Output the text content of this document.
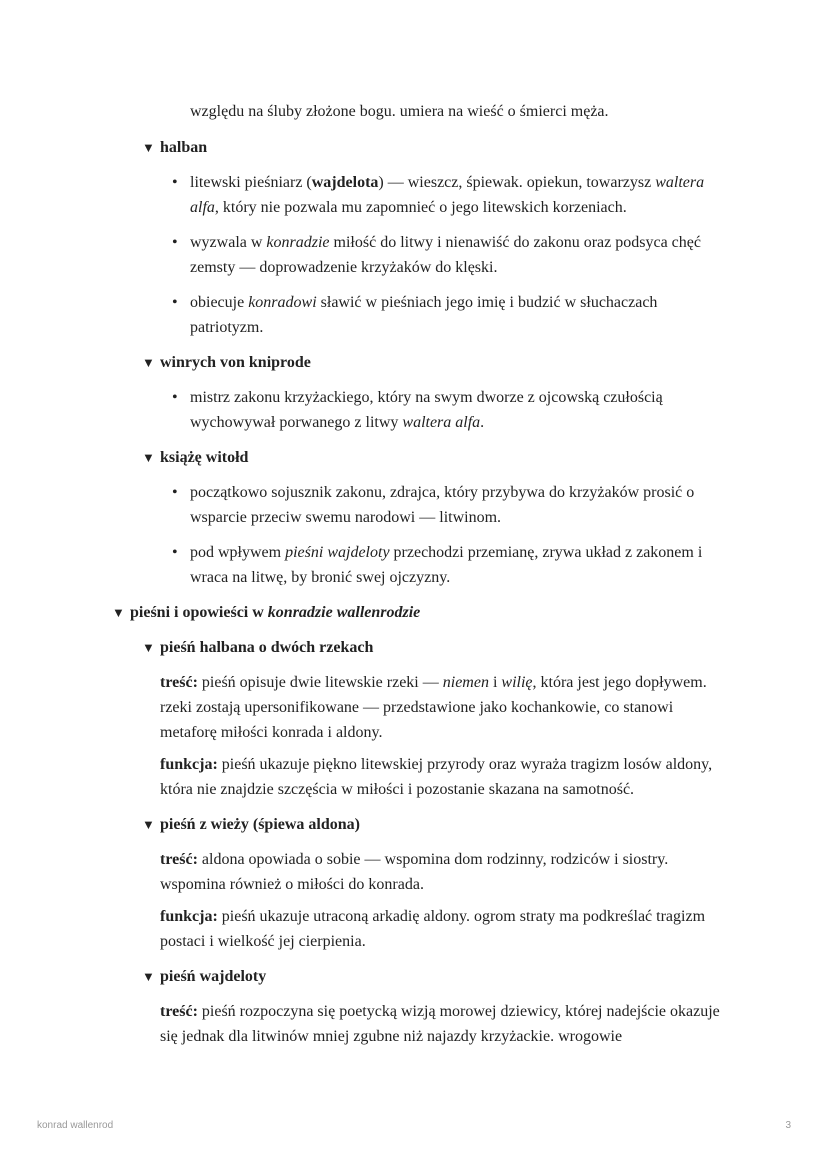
względu na śluby złożone bogu. umiera na wieść o śmierci męża.
▼ halban
• litewski pieśniarz (wajdelota) — wieszcz, śpiewak. opiekun, towarzysz waltera alfa, który nie pozwala mu zapomnieć o jego litewskich korzeniach.
• wyzwala w konradzie miłość do litwy i nienawiść do zakonu oraz podsyca chęć zemsty — doprowadzenie krzyżaków do klęski.
• obiecuje konradowi sławić w pieśniach jego imię i budzić w słuchaczach patriotyzm.
▼ winrych von kniprode
• mistrz zakonu krzyżackiego, który na swym dworze z ojcowską czułością wychowywał porwanego z litwy waltera alfa.
▼ książę witołd
• początkowo sojusznik zakonu, zdrajca, który przybywa do krzyżaków prosić o wsparcie przeciw swemu narodowi — litwinom.
• pod wpływem pieśni wajdeloty przechodzi przemianę, zrywa układ z zakonem i wraca na litwę, by bronić swej ojczyzny.
▼ pieśni i opowieści w konradzie wallenrodzie
▼ pieśń halbana o dwóch rzekach
treść: pieśń opisuje dwie litewskie rzeki — niemen i wilię, która jest jego dopływem. rzeki zostają upersonifikowane — przedstawione jako kochankowie, co stanowi metaforę miłości konrada i aldony.
funkcja: pieśń ukazuje piękno litewskiej przyrody oraz wyraża tragizm losów aldony, która nie znajdzie szczęścia w miłości i pozostanie skazana na samotność.
▼ pieśń z wieży (śpiewa aldona)
treść: aldona opowiada o sobie — wspomina dom rodzinny, rodziców i siostry. wspomina również o miłości do konrada.
funkcja: pieśń ukazuje utraconą arkadię aldony. ogrom straty ma podkreślać tragizm postaci i wielkość jej cierpienia.
▼ pieśń wajdeloty
treść: pieśń rozpoczyna się poetycką wizją morowej dziewicy, której nadejście okazuje się jednak dla litwinów mniej zgubne niż najazdy krzyżackie. wrogowie
konrad wallenrod	3
